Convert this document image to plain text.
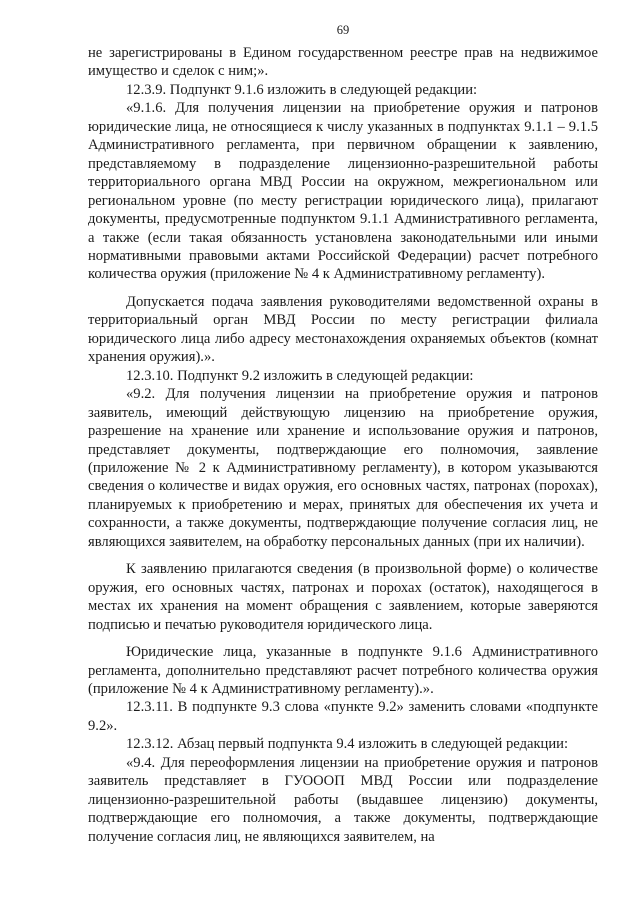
69

не зарегистрированы в Едином государственном реестре прав на недвижимое имущество и сделок с ним;».

12.3.9. Подпункт 9.1.6 изложить в следующей редакции:

«9.1.6. Для получения лицензии на приобретение оружия и патронов юридические лица, не относящиеся к числу указанных в подпунктах 9.1.1 – 9.1.5 Административного регламента, при первичном обращении к заявлению, представляемому в подразделение лицензионно-разрешительной работы территориального органа МВД России на окружном, межрегиональном или региональном уровне (по месту регистрации юридического лица), прилагают документы, предусмотренные подпунктом 9.1.1 Административного регламента, а также (если такая обязанность установлена законодательными или иными нормативными правовыми актами Российской Федерации) расчет потребного количества оружия (приложение № 4 к Административному регламенту).

Допускается подача заявления руководителями ведомственной охраны в территориальный орган МВД России по месту регистрации филиала юридического лица либо адресу местонахождения охраняемых объектов (комнат хранения оружия).».

12.3.10. Подпункт 9.2 изложить в следующей редакции:

«9.2. Для получения лицензии на приобретение оружия и патронов заявитель, имеющий действующую лицензию на приобретение оружия, разрешение на хранение или хранение и использование оружия и патронов, представляет документы, подтверждающие его полномочия, заявление (приложение № 2 к Административному регламенту), в котором указываются сведения о количестве и видах оружия, его основных частях, патронах (порохах), планируемых к приобретению и мерах, принятых для обеспечения их учета и сохранности, а также документы, подтверждающие получение согласия лиц, не являющихся заявителем, на обработку персональных данных (при их наличии).

К заявлению прилагаются сведения (в произвольной форме) о количестве оружия, его основных частях, патронах и порохах (остаток), находящегося в местах их хранения на момент обращения с заявлением, которые заверяются подписью и печатью руководителя юридического лица.

Юридические лица, указанные в подпункте 9.1.6 Административного регламента, дополнительно представляют расчет потребного количества оружия (приложение № 4 к Административному регламенту).».

12.3.11. В подпункте 9.3 слова «пункте 9.2» заменить словами «подпункте 9.2».

12.3.12. Абзац первый подпункта 9.4 изложить в следующей редакции:

«9.4. Для переоформления лицензии на приобретение оружия и патронов заявитель представляет в ГУОООП МВД России или подразделение лицензионно-разрешительной работы (выдавшее лицензию) документы, подтверждающие его полномочия, а также документы, подтверждающие получение согласия лиц, не являющихся заявителем, на
